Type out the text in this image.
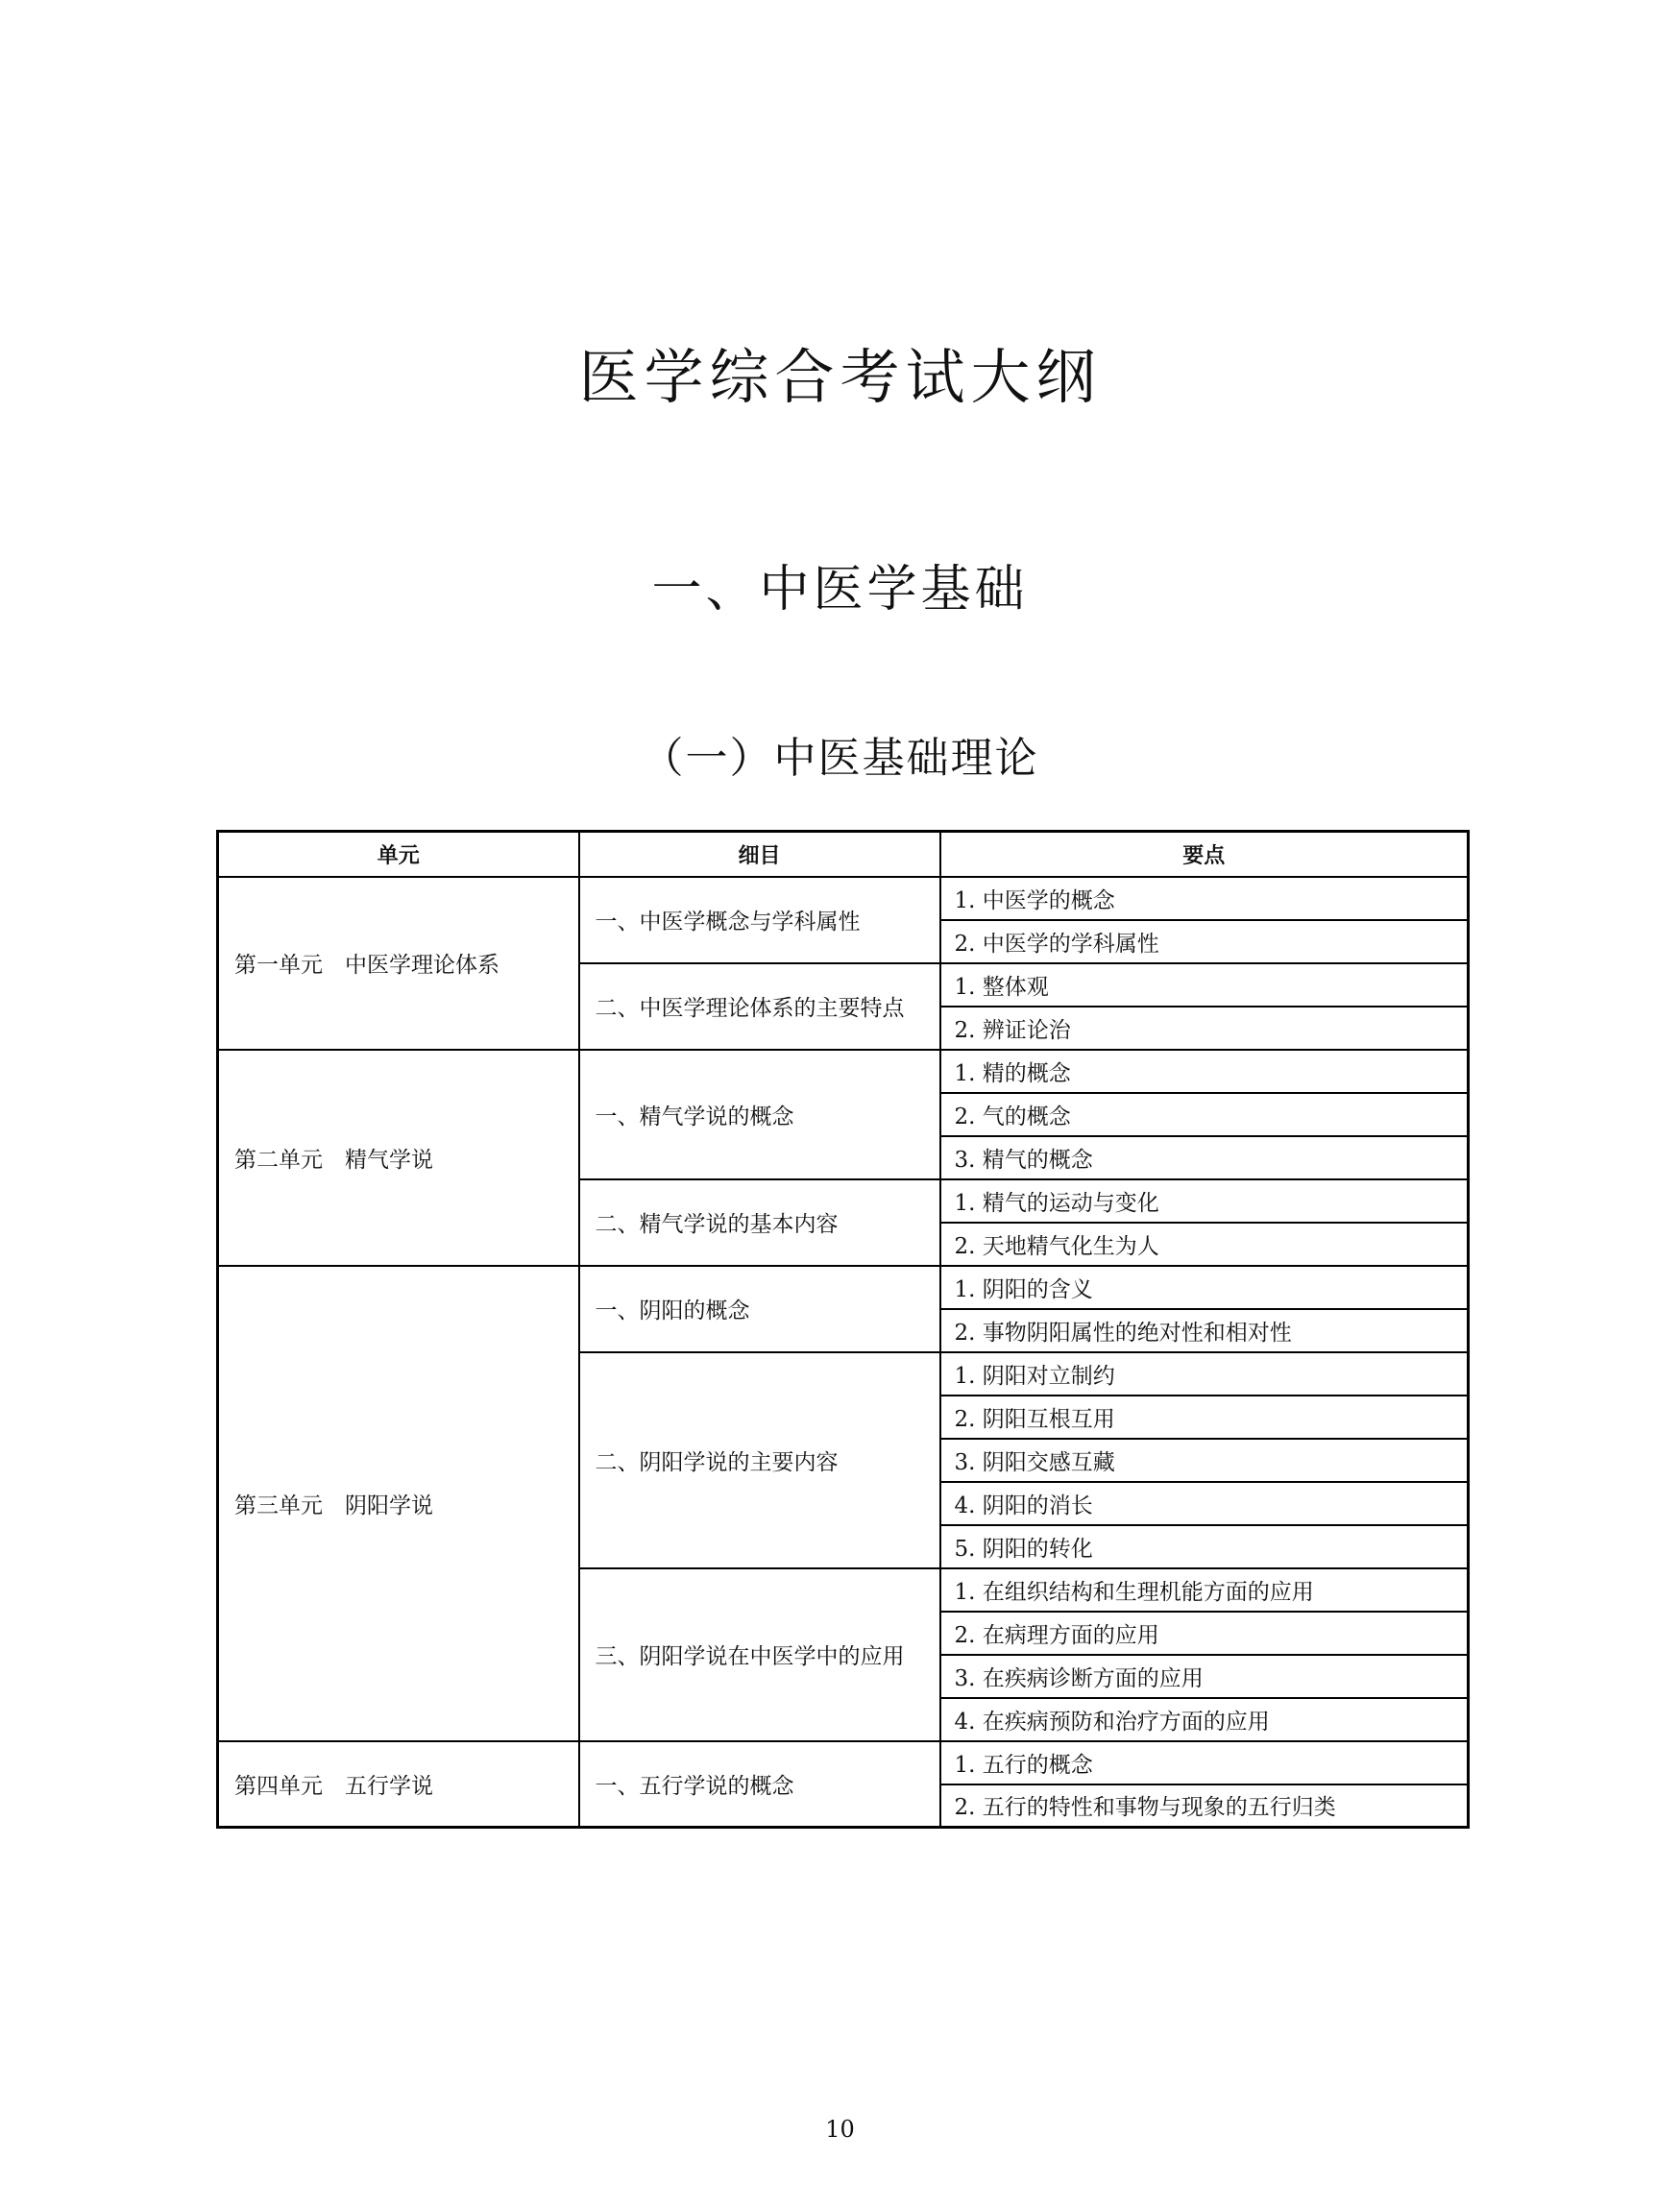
医学综合考试大纲
一、中医学基础
（一）中医基础理论
单元	细目	要点
第一单元　中医学理论体系	一、中医学概念与学科属性	1. 中医学的概念
		2. 中医学的学科属性
	二、中医学理论体系的主要特点	1. 整体观
		2. 辨证论治
第二单元　精气学说	一、精气学说的概念	1. 精的概念
		2. 气的概念
		3. 精气的概念
	二、精气学说的基本内容	1. 精气的运动与变化
		2. 天地精气化生为人
第三单元　阴阳学说	一、阴阳的概念	1. 阴阳的含义
		2. 事物阴阳属性的绝对性和相对性
	二、阴阳学说的主要内容	1. 阴阳对立制约
		2. 阴阳互根互用
		3. 阴阳交感互藏
		4. 阴阳的消长
		5. 阴阳的转化
	三、阴阳学说在中医学中的应用	1. 在组织结构和生理机能方面的应用
		2. 在病理方面的应用
		3. 在疾病诊断方面的应用
		4. 在疾病预防和治疗方面的应用
第四单元　五行学说	一、五行学说的概念	1. 五行的概念
		2. 五行的特性和事物与现象的五行归类
10
